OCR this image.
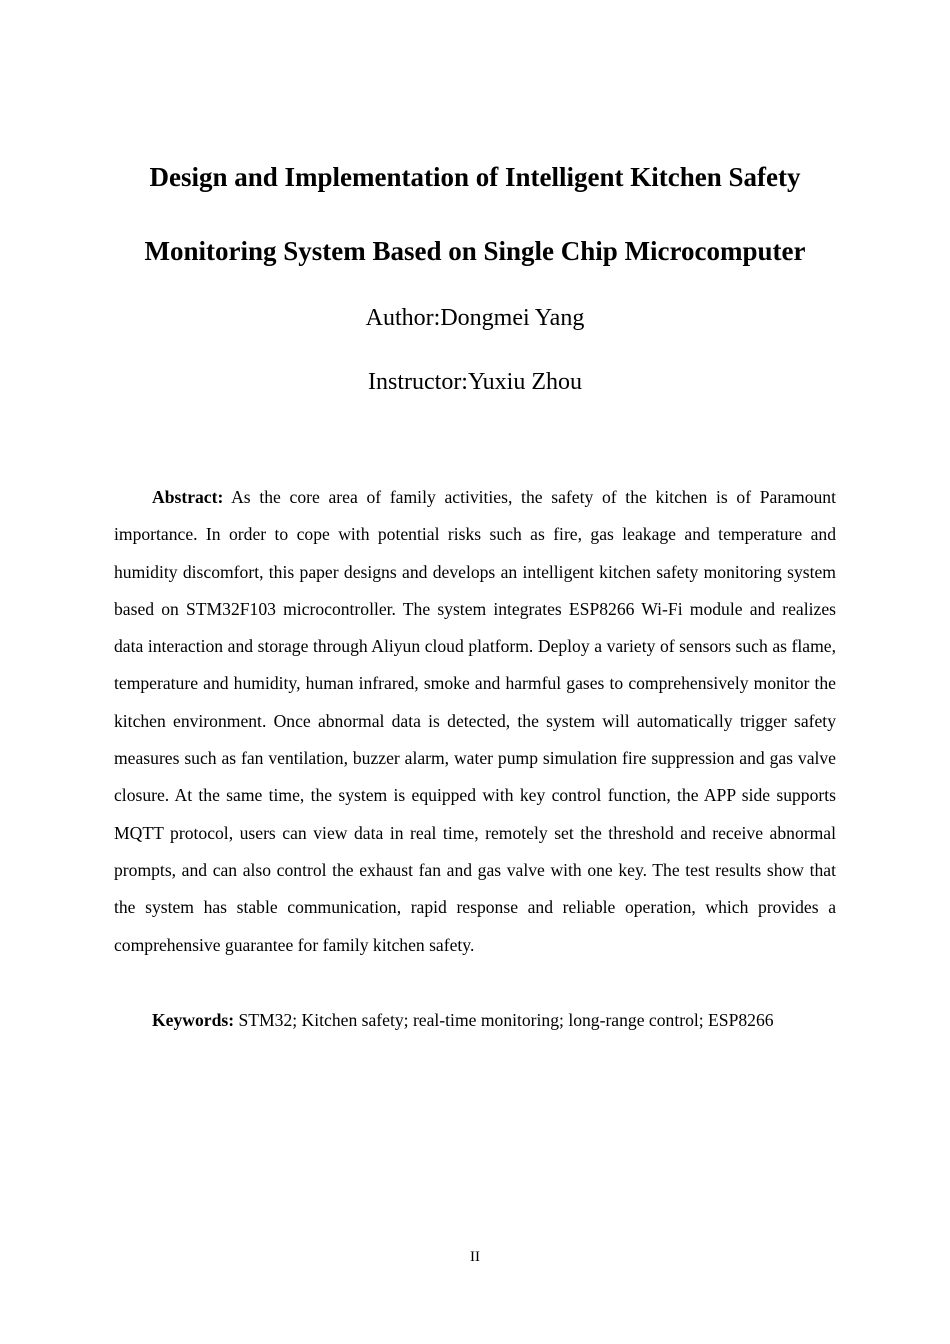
Design and Implementation of Intelligent Kitchen Safety
Monitoring System Based on Single Chip Microcomputer
Author:Dongmei Yang
Instructor:Yuxiu Zhou

Abstract: As the core area of family activities, the safety of the kitchen is of Paramount importance. In order to cope with potential risks such as fire, gas leakage and temperature and humidity discomfort, this paper designs and develops an intelligent kitchen safety monitoring system based on STM32F103 microcontroller. The system integrates ESP8266 Wi-Fi module and realizes data interaction and storage through Aliyun cloud platform. Deploy a variety of sensors such as flame, temperature and humidity, human infrared, smoke and harmful gases to comprehensively monitor the kitchen environment. Once abnormal data is detected, the system will automatically trigger safety measures such as fan ventilation, buzzer alarm, water pump simulation fire suppression and gas valve closure. At the same time, the system is equipped with key control function, the APP side supports MQTT protocol, users can view data in real time, remotely set the threshold and receive abnormal prompts, and can also control the exhaust fan and gas valve with one key. The test results show that the system has stable communication, rapid response and reliable operation, which provides a comprehensive guarantee for family kitchen safety.

Keywords: STM32; Kitchen safety; real-time monitoring; long-range control; ESP8266

II
